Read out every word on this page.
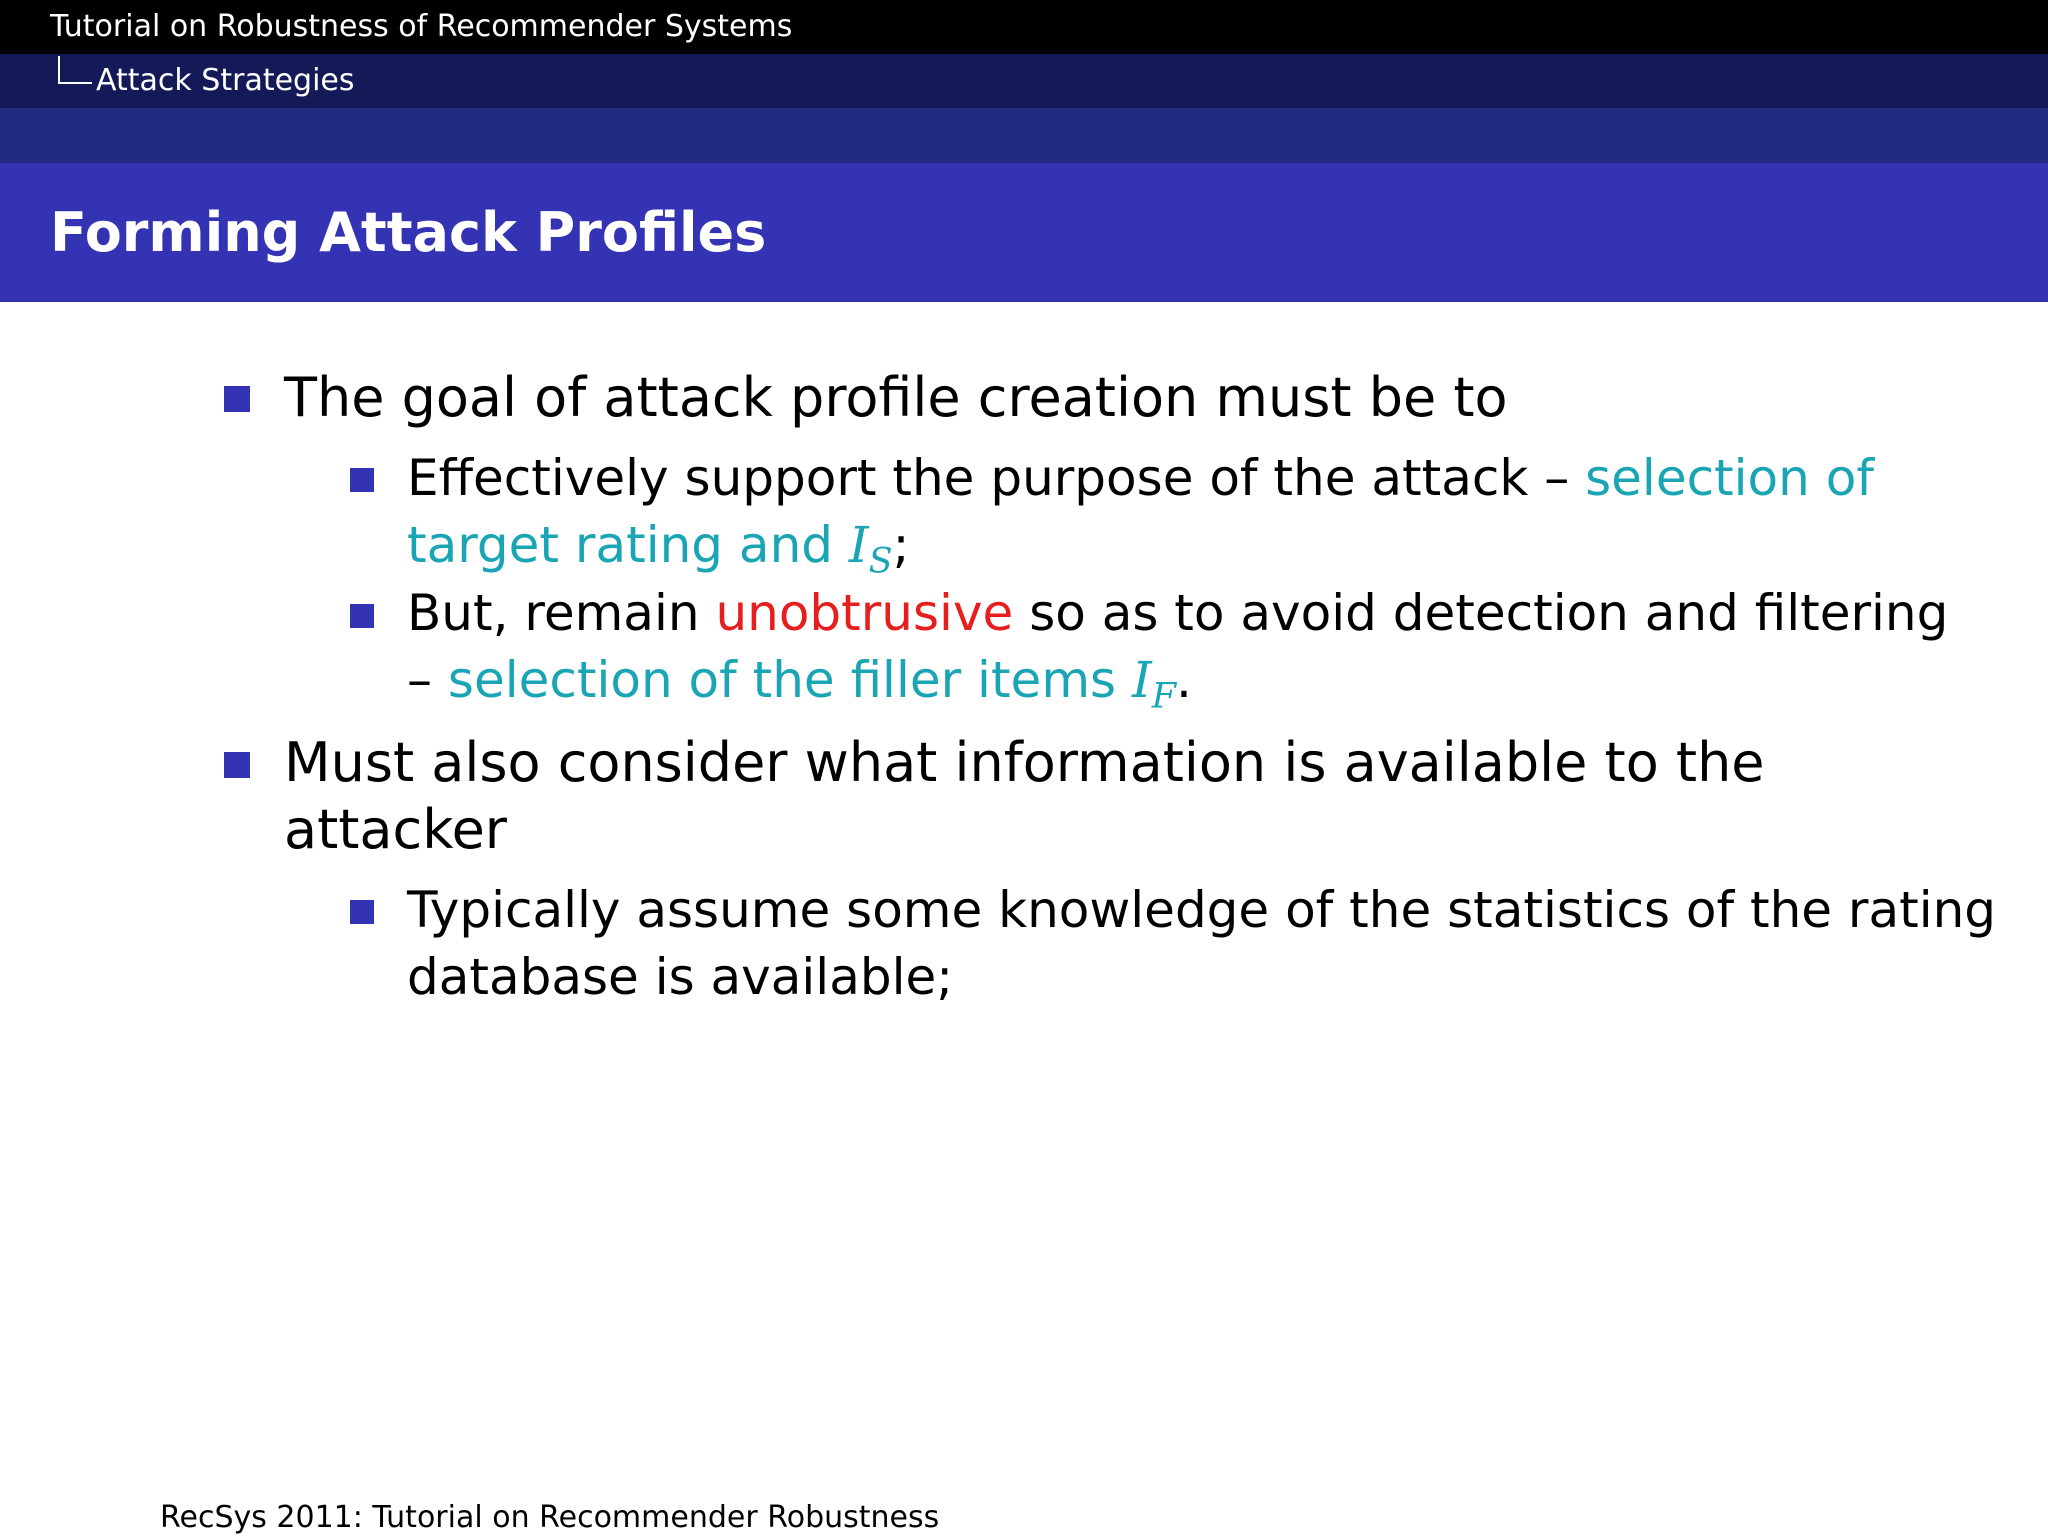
Tutorial on Robustness of Recommender Systems
Attack Strategies
Forming Attack Profiles
The goal of attack profile creation must be to
Effectively support the purpose of the attack – selection of
target rating and $I_S$;
But, remain unobtrusive so as to avoid detection and filtering
– selection of the filler items $I_F$.
Must also consider what information is available to the
attacker
Typically assume some knowledge of the statistics of the rating
database is available;
RecSys 2011: Tutorial on Recommender Robustness
